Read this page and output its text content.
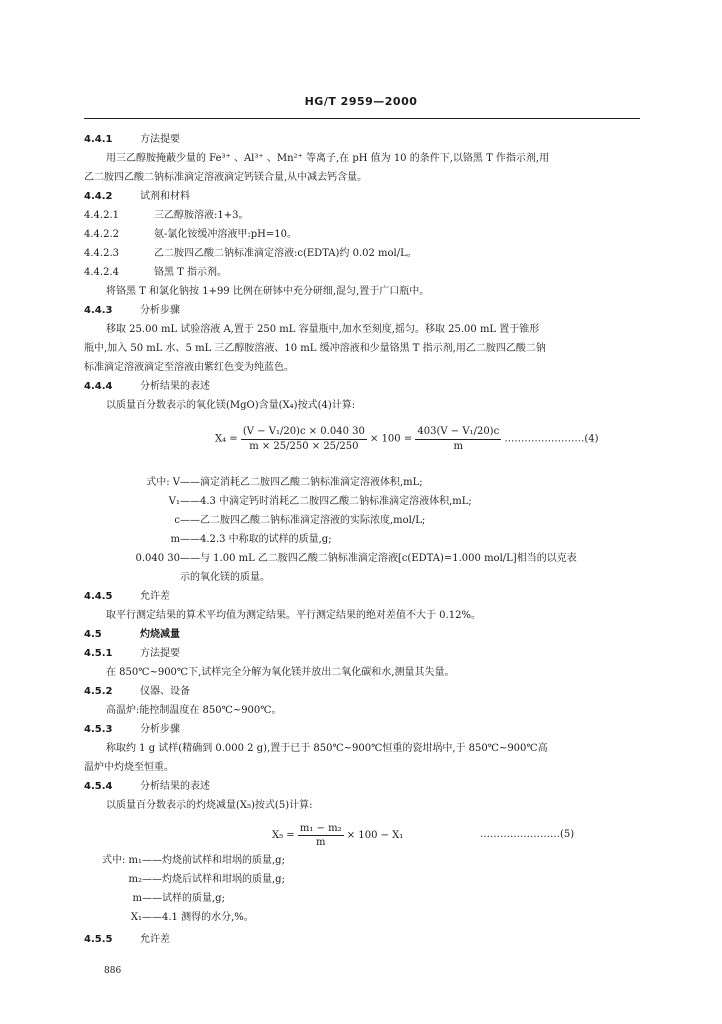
HG/T 2959—2000
4.4.1	方法提要
用三乙醇胺掩蔽少量的 Fe³⁺ 、Al³⁺ 、Mn²⁺ 等离子,在 pH 值为 10 的条件下,以铬黑 T 作指示剂,用
乙二胺四乙酸二钠标准滴定溶液滴定钙镁合量,从中减去钙含量。
4.4.2	试剂和材料
4.4.2.1	三乙醇胺溶液:1+3。
4.4.2.2	氨-氯化铵缓冲溶液甲:pH=10。
4.4.2.3	乙二胺四乙酸二钠标准滴定溶液:c(EDTA)约 0.02 mol/L。
4.4.2.4	铬黑 T 指示剂。
将铬黑 T 和氯化钠按 1+99 比例在研钵中充分研细,混匀,置于广口瓶中。
4.4.3	分析步骤
移取 25.00 mL 试验溶液 A,置于 250 mL 容量瓶中,加水至刻度,摇匀。移取 25.00 mL 置于锥形
瓶中,加入 50 mL 水、5 mL 三乙醇胺溶液、10 mL 缓冲溶液和少量铬黑 T 指示剂,用乙二胺四乙酸二钠
标准滴定溶液滴定至溶液由紫红色变为纯蓝色。
4.4.4	分析结果的表述
以质量百分数表示的氧化镁(MgO)含量(X₄)按式(4)计算:
$X_4 = \frac{\text{(V − V₁/20)c × 0.040 30}}{m \times 25/250 \times 25/250} \times 100 = \frac{\text{403(V − V₁/20)c}}{m}$ ……………………(4)
式中: V——滴定消耗乙二胺四乙酸二钠标准滴定溶液体积,mL;
V₁——4.3 中滴定钙时消耗乙二胺四乙酸二钠标准滴定溶液体积,mL;
c——乙二胺四乙酸二钠标准滴定溶液的实际浓度,mol/L;
m——4.2.3 中称取的试样的质量,g;
0.040 30——与 1.00 mL 乙二胺四乙酸二钠标准滴定溶液[c(EDTA)=1.000 mol/L]相当的以克表
示的氧化镁的质量。
4.4.5	允许差
取平行测定结果的算术平均值为测定结果。平行测定结果的绝对差值不大于 0.12%。
4.5	灼烧减量
4.5.1	方法提要
在 850℃~900℃下,试样完全分解为氧化镁并放出二氧化碳和水,测量其失量。
4.5.2	仪器、设备
高温炉:能控制温度在 850℃~900℃。
4.5.3	分析步骤
称取约 1 g 试样(精确到 0.000 2 g),置于已于 850℃~900℃恒重的瓷坩埚中,于 850℃~900℃高
温炉中灼烧至恒重。
4.5.4	分析结果的表述
以质量百分数表示的灼烧减量(X₅)按式(5)计算:
$X_5 = \frac{\text{m₁ − m₂}}{m} \times 100 - X_1$	……………………(5)
式中: m₁——灼烧前试样和坩埚的质量,g;
m₂——灼烧后试样和坩埚的质量,g;
m——试样的质量,g;
X₁——4.1 测得的水分,%。
4.5.5	允许差
886
